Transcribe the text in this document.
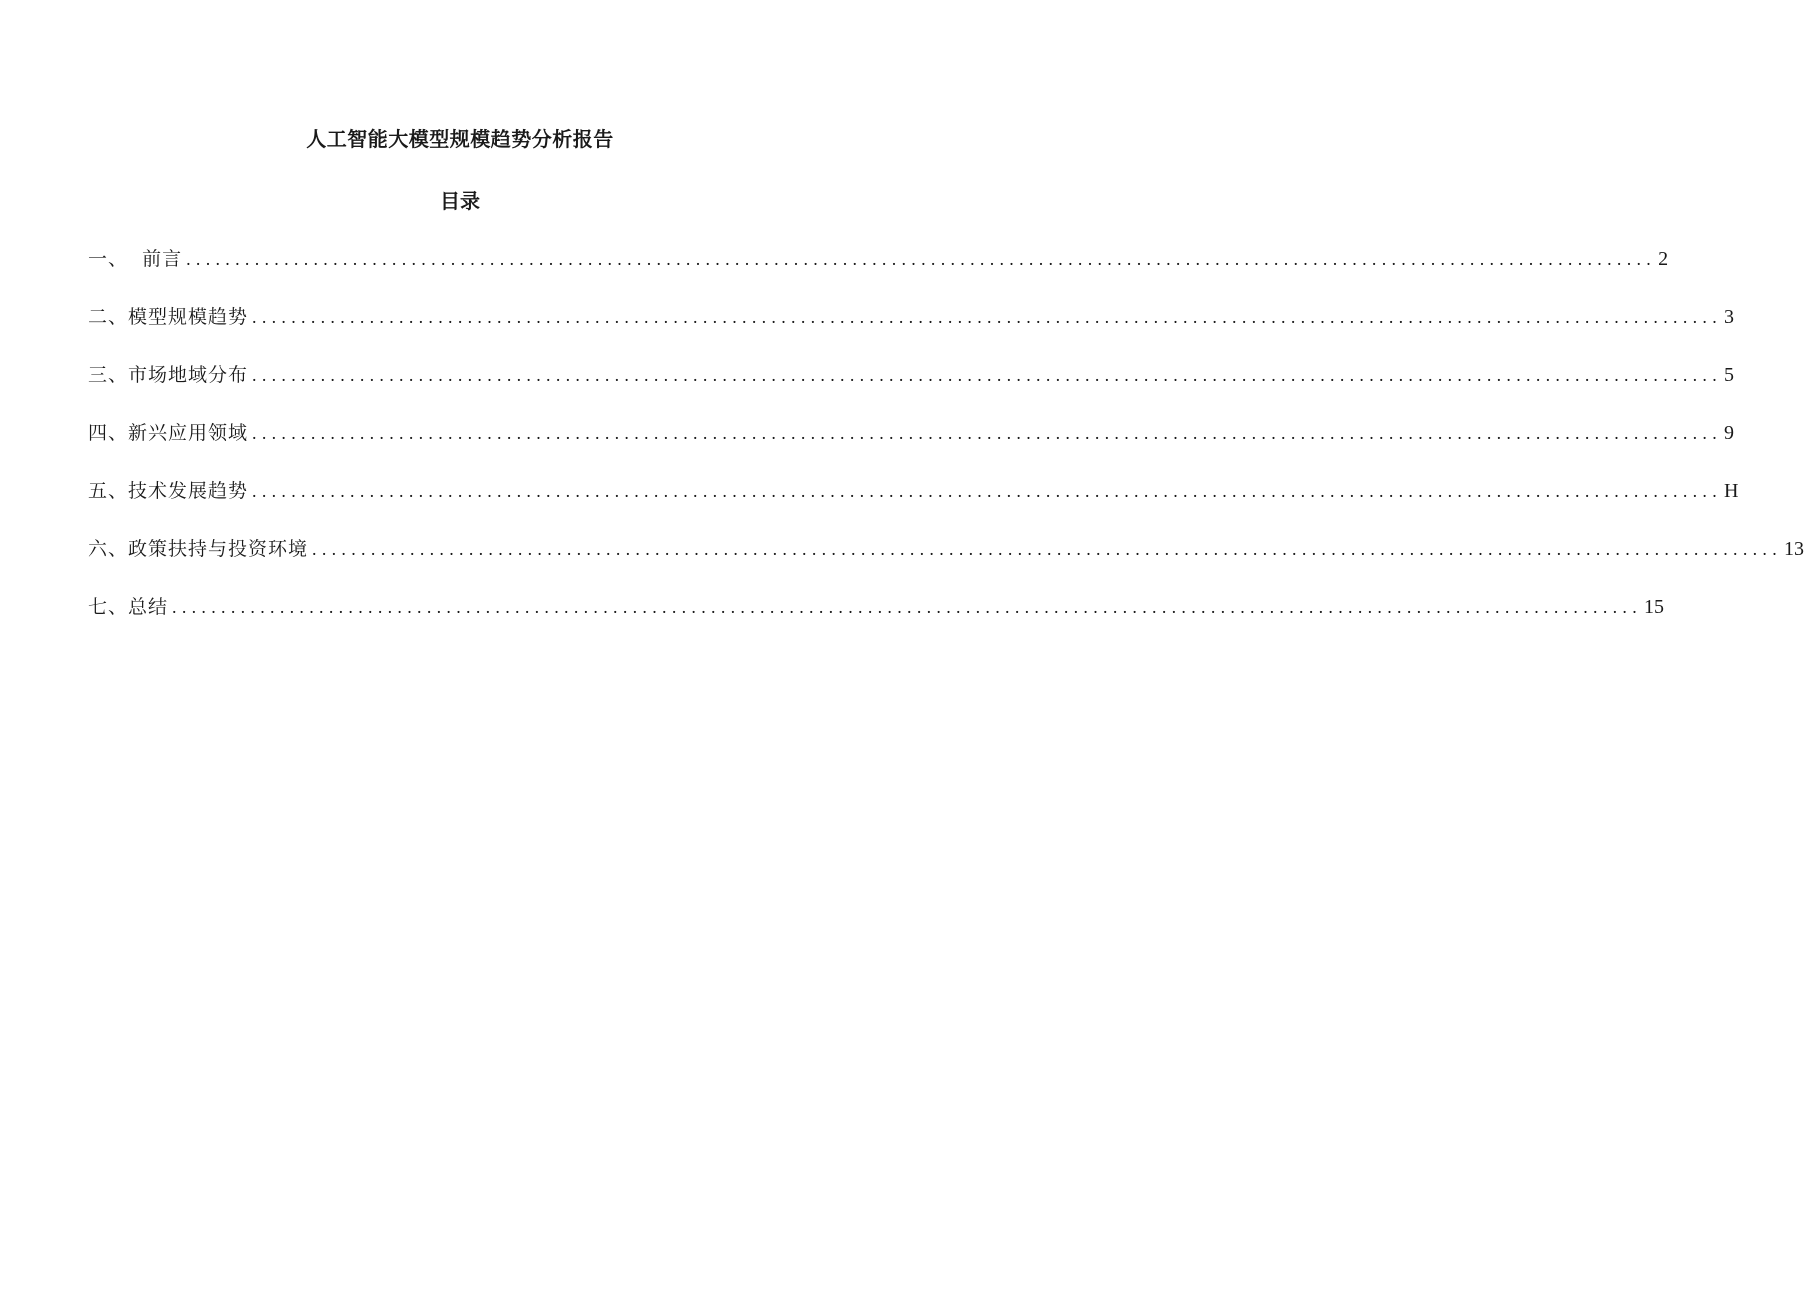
人工智能大模型规模趋势分析报告
目录
一、 前言 ...................................................................................................................................................... 2
二、 模型规模趋势 ...................................................................................................................................................... 3
三、 市场地域分布 ...................................................................................................................................................... 5
四、 新兴应用领域 ...................................................................................................................................................... 9
五、 技术发展趋势 ...................................................................................................................................................... H
六、 政策扶持与投资环境 ...................................................................................................................................................... 13
七、 总结 ...................................................................................................................................................... 15
